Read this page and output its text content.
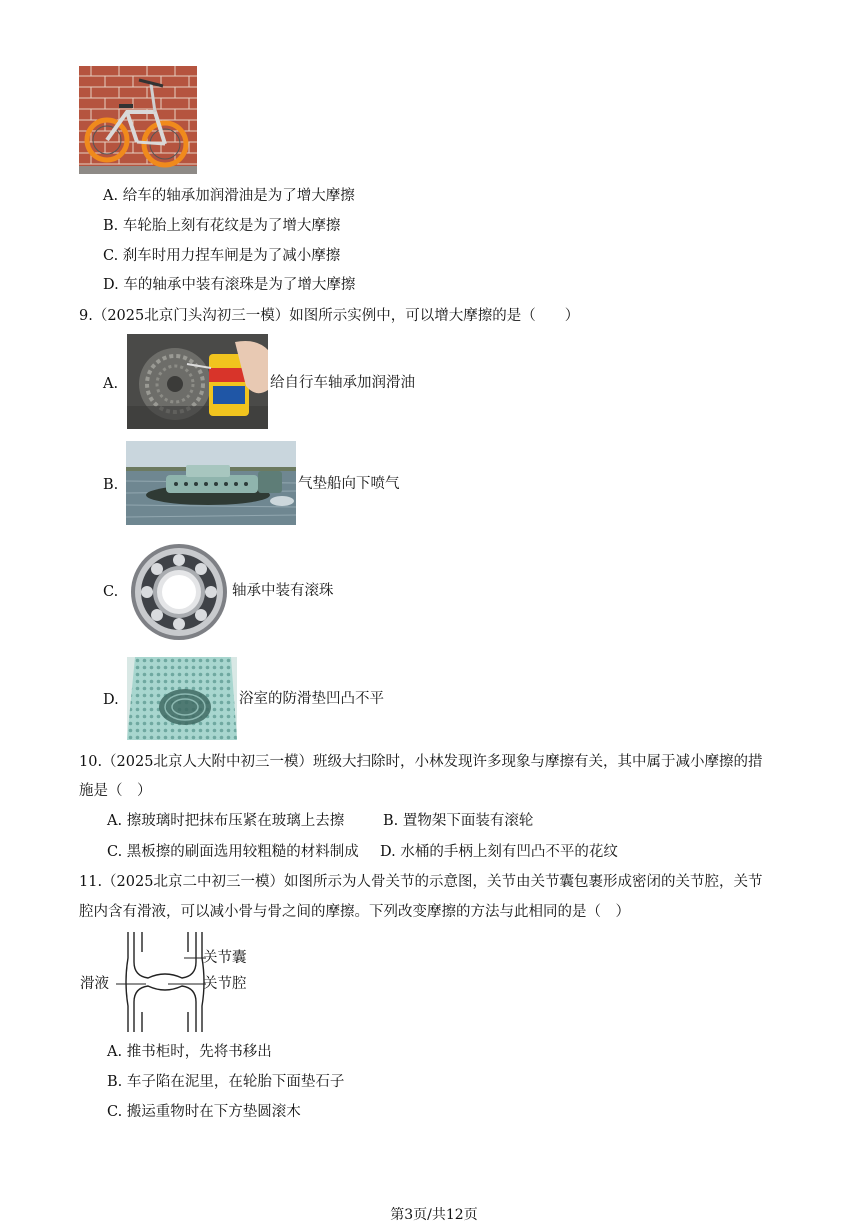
A. 给车的轴承加润滑油是为了增大摩擦
B. 车轮胎上刻有花纹是为了增大摩擦
C. 刹车时用力捏车闸是为了减小摩擦
D. 车的轴承中装有滚珠是为了增大摩擦
9.（2025北京门头沟初三一模）如图所示实例中，可以增大摩擦的是（　　）
A.	给自行车轴承加润滑油
B.	气垫船向下喷气
C.	轴承中装有滚珠
D.	浴室的防滑垫凹凸不平
10.（2025北京人大附中初三一模）班级大扫除时，小林发现许多现象与摩擦有关，其中属于减小摩擦的措
施是（　）
A. 擦玻璃时把抹布压紧在玻璃上去擦	B. 置物架下面装有滚轮
C. 黑板擦的刷面选用较粗糙的材料制成 D. 水桶的手柄上刻有凹凸不平的花纹
11.（2025北京二中初三一模）如图所示为人骨关节的示意图，关节由关节囊包裹形成密闭的关节腔，关节
腔内含有滑液，可以减小骨与骨之间的摩擦。下列改变摩擦的方法与此相同的是（　）
关节囊
关节腔
滑液
A. 推书柜时，先将书移出
B. 车子陷在泥里，在轮胎下面垫石子
C. 搬运重物时在下方垫圆滚木
第3页/共12页
